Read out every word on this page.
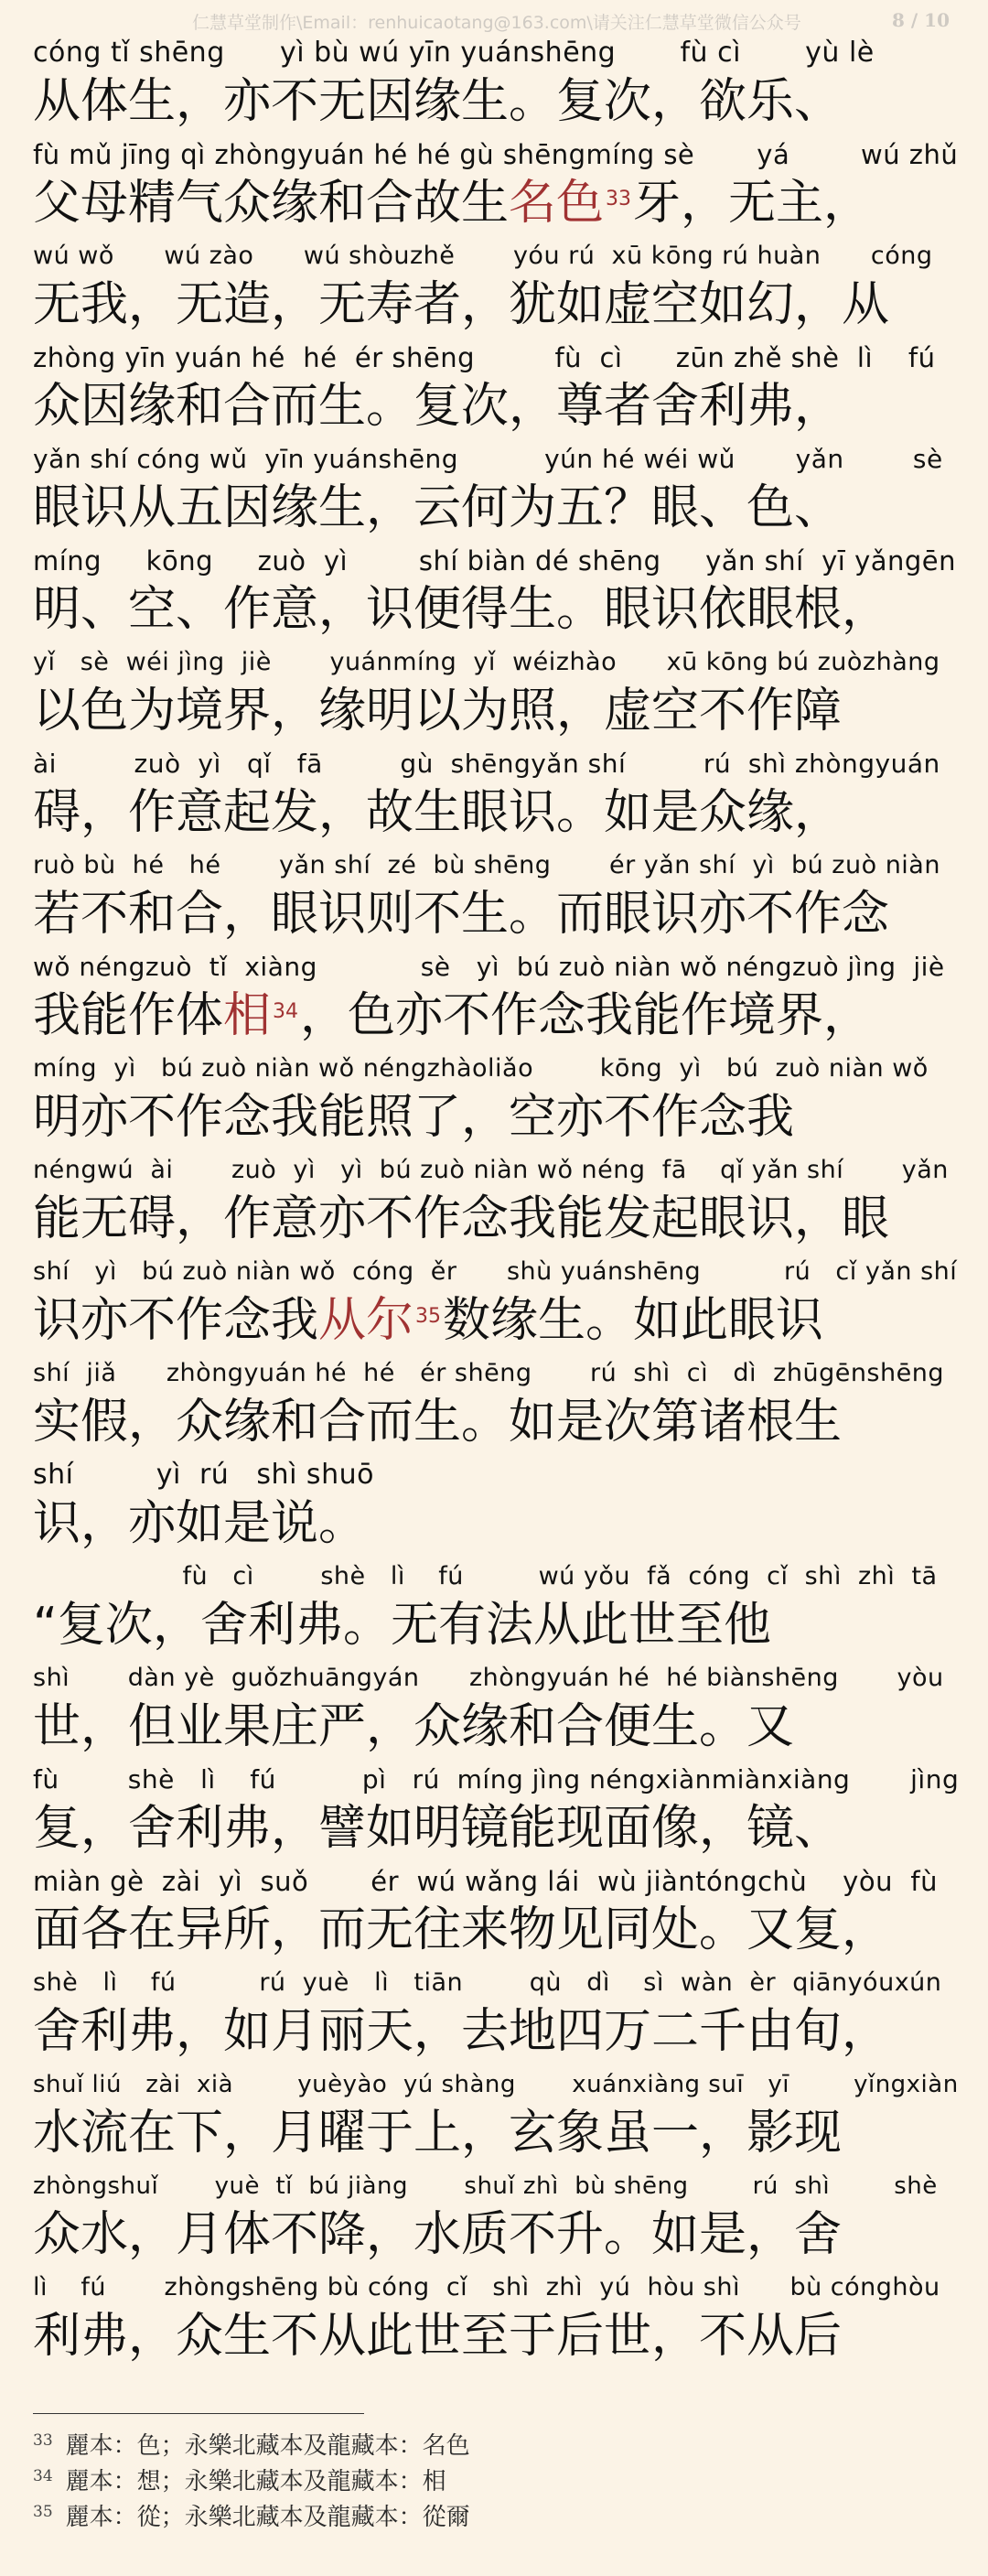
仁慧草堂制作\Email：renhuicaotang@163.com\请关注仁慧草堂微信公众号	8 / 10
cóng tǐ shēng      yì bù wú yīn yuánshēng       fù cì       yù lè
从体生，亦不无因缘生。复次，欲乐、
fù mǔ jīng qì zhòngyuán hé hé gù shēngmíng sè       yá        wú zhǔ
父母精气众缘和合故生名色$^{33}$牙，无主，
wú wǒ      wú zào      wú shòuzhě       yóu rú  xū kōng rú huàn      cóng
无我，无造，无寿者，犹如虚空如幻，从
zhòng yīn yuán hé  hé  ér shēng         fù  cì      zūn zhě shè  lì    fú
众因缘和合而生。复次，尊者舍利弗，
yǎn shí cóng wǔ  yīn yuánshēng          yún hé wéi wǔ       yǎn        sè
眼识从五因缘生，云何为五？眼、色、
míng     kōng     zuò  yì        shí biàn dé shēng     yǎn shí  yī yǎngēn
明、空、作意，识便得生。眼识依眼根，
yǐ   sè  wéi jìng  jiè       yuánmíng  yǐ  wéizhào      xū kōng bú zuòzhàng
以色为境界，缘明以为照，虚空不作障
ài         zuò  yì   qǐ   fā         gù  shēngyǎn shí         rú  shì zhòngyuán
碍，作意起发，故生眼识。如是众缘，
ruò bù  hé   hé       yǎn shí  zé  bù shēng       ér yǎn shí  yì  bú zuò niàn
若不和合，眼识则不生。而眼识亦不作念
wǒ néngzuò  tǐ  xiàng            sè   yì  bú zuò niàn wǒ néngzuò jìng  jiè
我能作体相$^{34}$，色亦不作念我能作境界，
míng  yì   bú zuò niàn wǒ néngzhàoliǎo        kōng  yì   bú  zuò niàn wǒ
明亦不作念我能照了，空亦不作念我
néngwú  ài       zuò  yì   yì  bú zuò niàn wǒ néng  fā    qǐ yǎn shí       yǎn
能无碍，作意亦不作念我能发起眼识，眼
shí   yì   bú zuò niàn wǒ  cóng  ěr      shù yuánshēng          rú   cǐ yǎn shí
识亦不作念我从尔$^{35}$数缘生。如此眼识
shí  jiǎ      zhòngyuán hé  hé   ér shēng       rú  shì  cì   dì  zhūgēnshēng
实假，众缘和合而生。如是次第诸根生
shí         yì  rú   shì shuō
识，亦如是说。
fù   cì        shè   lì    fú         wú yǒu  fǎ  cóng  cǐ  shì  zhì  tā
“复次，舍利弗。无有法从此世至他
shì       dàn yè  guǒzhuāngyán      zhòngyuán hé  hé biànshēng       yòu
世，但业果庄严，众缘和合便生。又
fù        shè   lì    fú          pì   rú  míng jìng néngxiànmiànxiàng       jìng
复，舍利弗，譬如明镜能现面像，镜、
miàn gè  zài  yì  suǒ       ér  wú wǎng lái  wù jiàntóngchù    yòu  fù
面各在异所，而无往来物见同处。又复，
shè   lì    fú          rú  yuè   lì   tiān        qù   dì    sì  wàn  èr  qiānyóuxún
舍利弗，如月丽天，去地四万二千由旬，
shuǐ liú   zài  xià        yuèyào  yú shàng       xuánxiàng suī   yī        yǐngxiàn
水流在下，月曜于上，玄象虽一，影现
zhòngshuǐ       yuè  tǐ  bú jiàng       shuǐ zhì  bù shēng        rú  shì        shè
众水，月体不降，水质不升。如是，舍
lì    fú       zhòngshēng bù cóng  cǐ   shì  zhì  yú  hòu shì      bù cónghòu
利弗，众生不从此世至于后世，不从后
$^{33}$ 麗本：色；永樂北藏本及龍藏本：名色
$^{34}$ 麗本：想；永樂北藏本及龍藏本：相
$^{35}$ 麗本：從；永樂北藏本及龍藏本：從爾
